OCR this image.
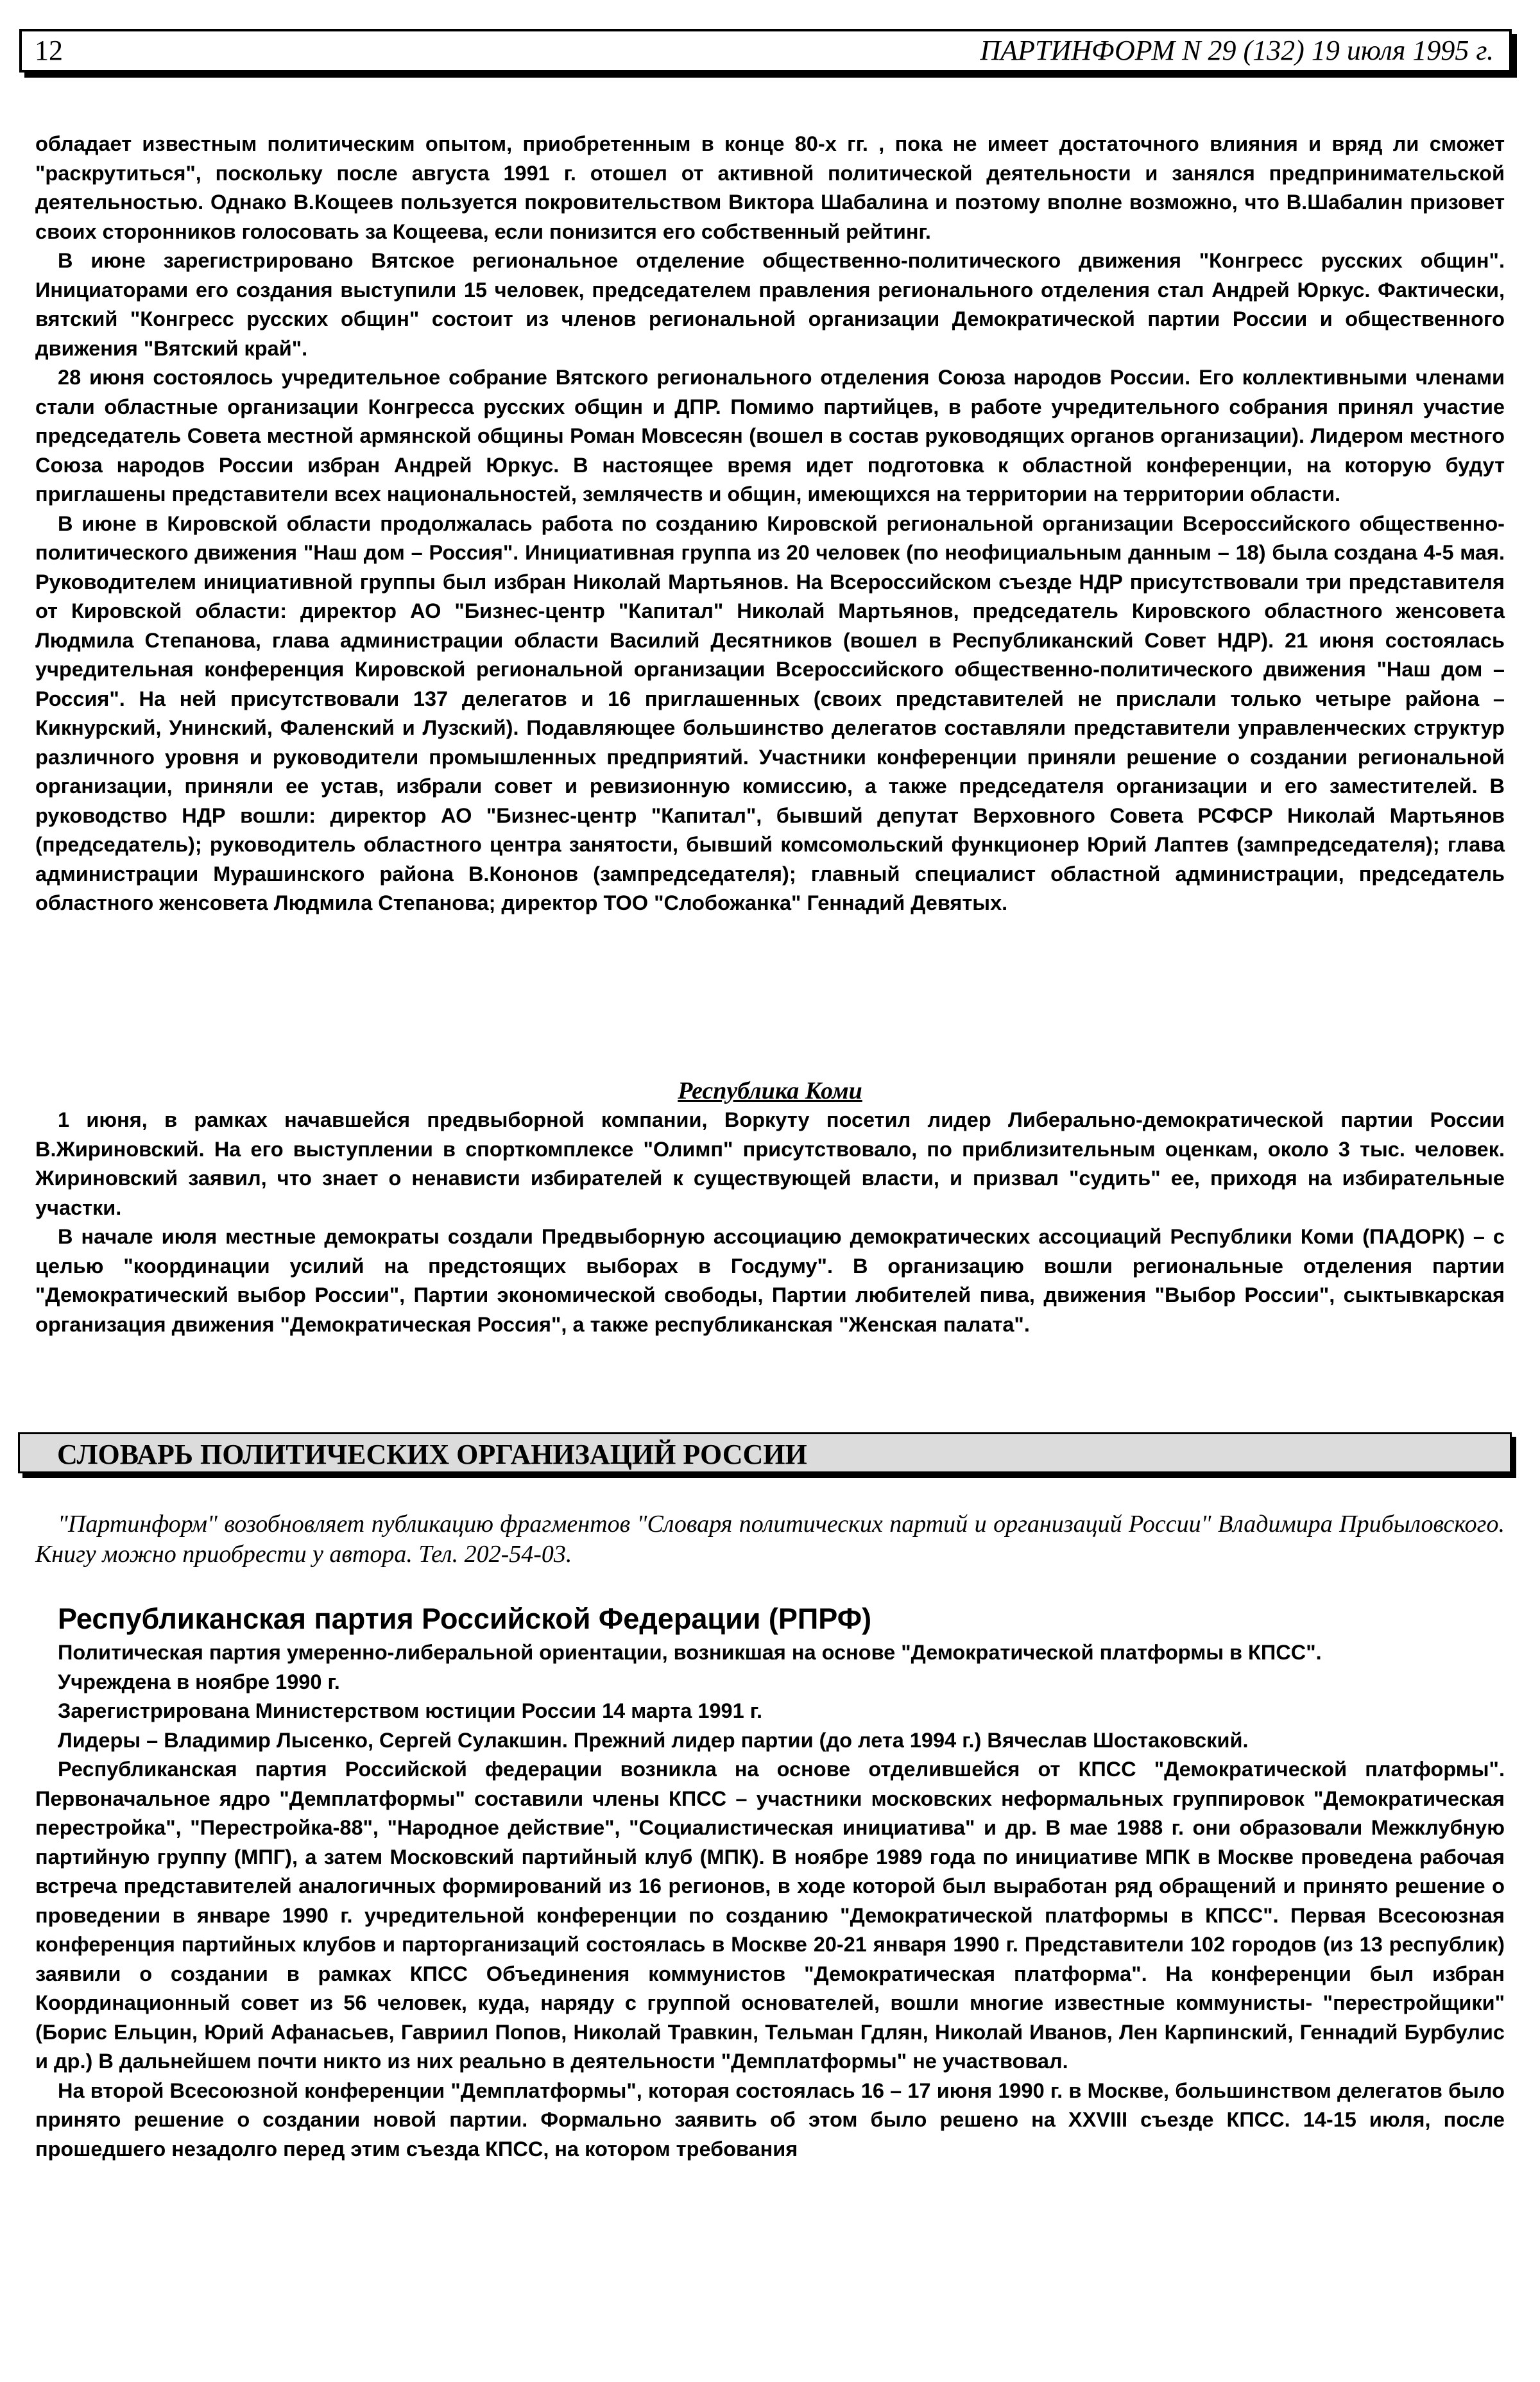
12	ПАРТИНФОРМ N 29 (132) 19 июля 1995 г.

обладает известным политическим опытом, приобретенным в конце 80-х гг. , пока не имеет достаточного влияния и вряд ли сможет "раскрутиться", поскольку после августа 1991 г. отошел от активной политической деятельности и занялся предпринимательской деятельностью. Однако В.Кощеев пользуется покровительством Виктора Шабалина и поэтому вполне возможно, что В.Шабалин призовет своих сторонников голосовать за Кощеева, если понизится его собственный рейтинг.

В июне зарегистрировано Вятское региональное отделение общественно-политического движения "Конгресс русских общин". Инициаторами его создания выступили 15 человек, председателем правления регионального отделения стал Андрей Юркус. Фактически, вятский "Конгресс русских общин" состоит из членов региональной организации Демократической партии России и общественного движения "Вятский край".

28 июня состоялось учредительное собрание Вятского регионального отделения Союза народов России. Его коллективными членами стали областные организации Конгресса русских общин и ДПР. Помимо партийцев, в работе учредительного собрания принял участие председатель Совета местной армянской общины Роман Мовсесян (вошел в состав руководящих органов организации). Лидером местного Союза народов России избран Андрей Юркус. В настоящее время идет подготовка к областной конференции, на которую будут приглашены представители всех национальностей, землячеств и общин, имеющихся на территории на территории области.

В июне в Кировской области продолжалась работа по созданию Кировской региональной организации Всероссийского общественно-политического движения "Наш дом – Россия". Инициативная группа из 20 человек (по неофициальным данным – 18) была создана 4-5 мая. Руководителем инициативной группы был избран Николай Мартьянов. На Всероссийском съезде НДР присутствовали три представителя от Кировской области: директор АО "Бизнес-центр "Капитал" Николай Мартьянов, председатель Кировского областного женсовета Людмила Степанова, глава администрации области Василий Десятников (вошел в Республиканский Совет НДР). 21 июня состоялась учредительная конференция Кировской региональной организации Всероссийского общественно-политического движения "Наш дом – Россия". На ней присутствовали 137 делегатов и 16 приглашенных (своих представителей не прислали только четыре района – Кикнурский, Унинский, Фаленский и Лузский). Подавляющее большинство делегатов составляли представители управленческих структур различного уровня и руководители промышленных предприятий. Участники конференции приняли решение о создании региональной организации, приняли ее устав, избрали совет и ревизионную комиссию, а также председателя организации и его заместителей. В руководство НДР вошли: директор АО "Бизнес-центр "Капитал", бывший депутат Верховного Совета РСФСР Николай Мартьянов (председатель); руководитель областного центра занятости, бывший комсомольский функционер Юрий Лаптев (зампредседателя); глава администрации Мурашинского района В.Кононов (зампредседателя); главный специалист областной администрации, председатель областного женсовета Людмила Степанова; директор ТОО "Слобожанка" Геннадий Девятых.

Республика Коми

1 июня, в рамках начавшейся предвыборной компании, Воркуту посетил лидер Либерально-демократической партии России В.Жириновский. На его выступлении в спорткомплексе "Олимп" присутствовало, по приблизительным оценкам, около 3 тыс. человек. Жириновский заявил, что знает о ненависти избирателей к существующей власти, и призвал "судить" ее, приходя на избирательные участки.

В начале июля местные демократы создали Предвыборную ассоциацию демократических ассоциаций Республики Коми (ПАДОРК) – с целью "координации усилий на предстоящих выборах в Госдуму". В организацию вошли региональные отделения партии "Демократический выбор России", Партии экономической свободы, Партии любителей пива, движения "Выбор России", сыктывкарская организация движения "Демократическая Россия", а также республиканская "Женская палата".

СЛОВАРЬ ПОЛИТИЧЕСКИХ ОРГАНИЗАЦИЙ РОССИИ
"Партинформ" возобновляет публикацию фрагментов "Словаря политических партий и организаций России" Владимира Прибыловского. Книгу можно приобрести у автора. Тел. 202-54-03.
Республиканская партия Российской Федерации (РПРФ)

Политическая партия умеренно-либеральной ориентации, возникшая на основе "Демократической платформы в КПСС".

Учреждена в ноябре 1990 г.

Зарегистрирована Министерством юстиции России 14 марта 1991 г.

Лидеры – Владимир Лысенко, Сергей Сулакшин. Прежний лидер партии (до лета 1994 г.) Вячеслав Шостаковский.

Республиканская партия Российской федерации возникла на основе отделившейся от КПСС "Демократической платформы". Первоначальное ядро "Демплатформы" составили члены КПСС – участники московских неформальных группировок "Демократическая перестройка", "Перестройка-88", "Народное действие", "Социалистическая инициатива" и др. В мае 1988 г. они образовали Межклубную партийную группу (МПГ), а затем Московский партийный клуб (МПК). В ноябре 1989 года по инициативе МПК в Москве проведена рабочая встреча представителей аналогичных формирований из 16 регионов, в ходе которой был выработан ряд обращений и принято решение о проведении в январе 1990 г. учредительной конференции по созданию "Демократической платформы в КПСС". Первая Всесоюзная конференция партийных клубов и парторганизаций состоялась в Москве 20-21 января 1990 г. Представители 102 городов (из 13 республик) заявили о создании в рамках КПСС Объединения коммунистов "Демократическая платформа". На конференции был избран Координационный совет из 56 человек, куда, наряду с группой основателей, вошли многие известные коммунисты- "перестройщики" (Борис Ельцин, Юрий Афанасьев, Гавриил Попов, Николай Травкин, Тельман Гдлян, Николай Иванов, Лен Карпинский, Геннадий Бурбулис и др.) В дальнейшем почти никто из них реально в деятельности "Демплатформы" не участвовал.

На второй Всесоюзной конференции "Демплатформы", которая состоялась 16 – 17 июня 1990 г. в Москве, большинством делегатов было принято решение о создании новой партии. Формально заявить об этом было решено на XXVIII съезде КПСС. 14-15 июля, после прошедшего незадолго перед этим съезда КПСС, на котором требования
